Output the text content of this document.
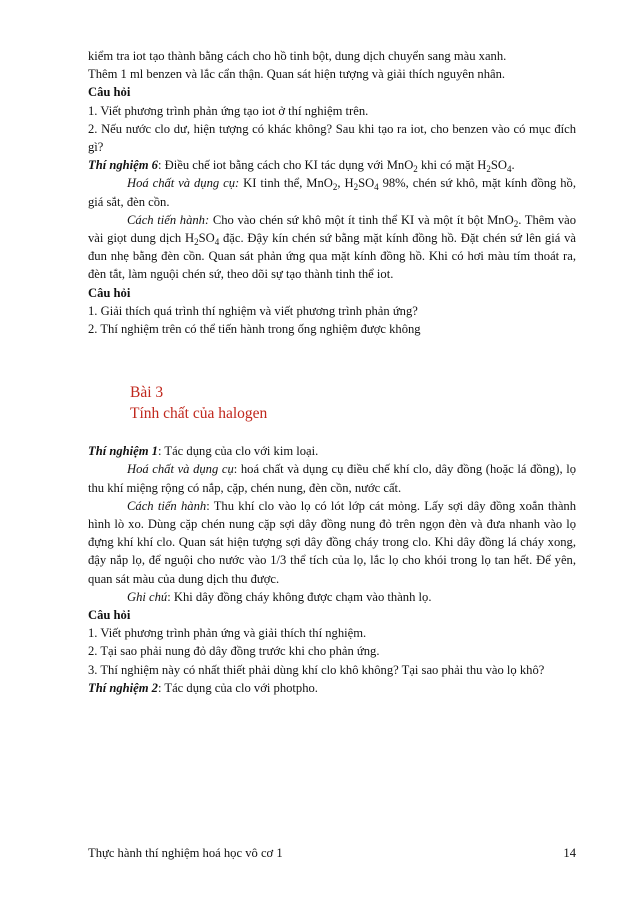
kiểm tra iot tạo thành bằng cách cho hồ tinh bột, dung dịch chuyển sang màu xanh.

Thêm 1 ml benzen và lắc cẩn thận. Quan sát hiện tượng và giải thích nguyên nhân.

Câu hỏi

1. Viết phương trình phản ứng tạo iot ở thí nghiệm trên.

2. Nếu nước clo dư, hiện tượng có khác không? Sau khi tạo ra iot, cho benzen vào có mục đích gì?

Thí nghiệm 6: Điều chế iot bằng cách cho KI tác dụng với MnO$_2$ khi có mặt $H_2SO_4$.

Hoá chất và dụng cụ: KI tinh thể, MnO$_2$, $H_2SO_4$ 98%, chén sứ khô, mặt kính đồng hồ, giá sắt, đèn cồn.

Cách tiến hành: Cho vào chén sứ khô một ít tinh thể KI và một ít bột MnO$_2$. Thêm vào vài giọt dung dịch $H_2SO_4$ đặc. Đậy kín chén sứ bằng mặt kính đồng hồ. Đặt chén sứ lên giá và đun nhẹ bằng đèn cồn. Quan sát phản ứng qua mặt kính đồng hồ. Khi có hơi màu tím thoát ra, đèn tắt, làm nguội chén sứ, theo dõi sự tạo thành tinh thể iot.

Câu hỏi

1. Giải thích quá trình thí nghiệm và viết phương trình phản ứng?

2. Thí nghiệm trên có thể tiến hành trong ống nghiệm được không

Bài 3
Tính chất của halogen

Thí nghiệm 1: Tác dụng của clo với kim loại.

Hoá chất và dụng cụ: hoá chất và dụng cụ điều chế khí clo, dây đồng (hoặc lá đồng), lọ thu khí miệng rộng có nắp, cặp, chén nung, đèn cồn, nước cất.

Cách tiến hành: Thu khí clo vào lọ có lót lớp cát mỏng. Lấy sợi dây đồng xoắn thành hình lò xo. Dùng cặp chén nung cặp sợi dây đồng nung đỏ trên ngọn đèn và đưa nhanh vào lọ đựng khí khí clo. Quan sát hiện tượng sợi dây đồng cháy trong clo. Khi dây đồng lá cháy xong, đậy nắp lọ, để nguội cho nước vào 1/3 thể tích của lọ, lắc lọ cho khói trong lọ tan hết. Để yên, quan sát màu của dung dịch thu được.

Ghi chú: Khi dây đồng cháy không được chạm vào thành lọ.

Câu hỏi

1. Viết phương trình phản ứng và giải thích thí nghiệm.

2. Tại sao phải nung đỏ dây đồng trước khi cho phản ứng.

3. Thí nghiệm này có nhất thiết phải dùng khí clo khô không? Tại sao phải thu vào lọ khô?

Thí nghiệm 2: Tác dụng của clo với photpho.

Thực hành thí nghiệm hoá học vô cơ 1	14
